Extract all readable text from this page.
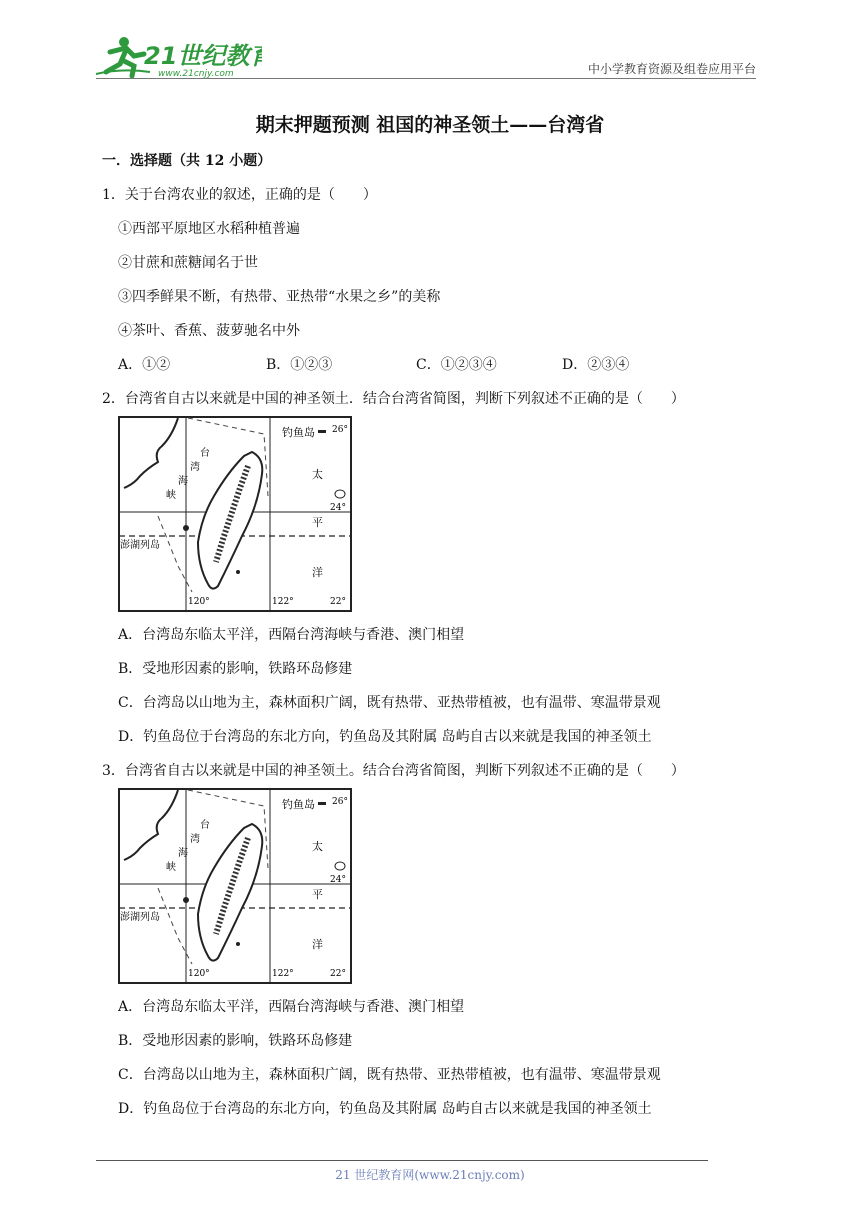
21世纪教育
www.21cnjy.com	中小学教育资源及组卷应用平台
期末押题预测 祖国的神圣领土——台湾省
一．选择题（共 12 小题）
1．关于台湾农业的叙述，正确的是（　　）
①西部平原地区水稻种植普遍
②甘蔗和蔗糖闻名于世
③四季鲜果不断，有热带、亚热带“水果之乡”的美称
④茶叶、香蕉、菠萝驰名中外
A．①②	B．①②③	C．①②③④	D．②③④
2．台湾省自古以来就是中国的神圣领土．结合台湾省简图，判断下列叙述不正确的是（　　）
钓鱼岛 26°
24°
22°
120°	122°
太
平
洋
澎湖列岛
台
湾
海
峡
A．台湾岛东临太平洋，西隔台湾海峡与香港、澳门相望
B．受地形因素的影响，铁路环岛修建
C．台湾岛以山地为主，森林面积广阔，既有热带、亚热带植被，也有温带、寒温带景观
D．钓鱼岛位于台湾岛的东北方向，钓鱼岛及其附属 岛屿自古以来就是我国的神圣领土
3．台湾省自古以来就是中国的神圣领土。结合台湾省简图，判断下列叙述不正确的是（　　）
钓鱼岛 26°
24°
22°
120°	122°
太
平
洋
澎湖列岛
台
湾
海
峡
A．台湾岛东临太平洋，西隔台湾海峡与香港、澳门相望
B．受地形因素的影响，铁路环岛修建
C．台湾岛以山地为主，森林面积广阔，既有热带、亚热带植被，也有温带、寒温带景观
D．钓鱼岛位于台湾岛的东北方向，钓鱼岛及其附属 岛屿自古以来就是我国的神圣领土
21 世纪教育网(www.21cnjy.com)
